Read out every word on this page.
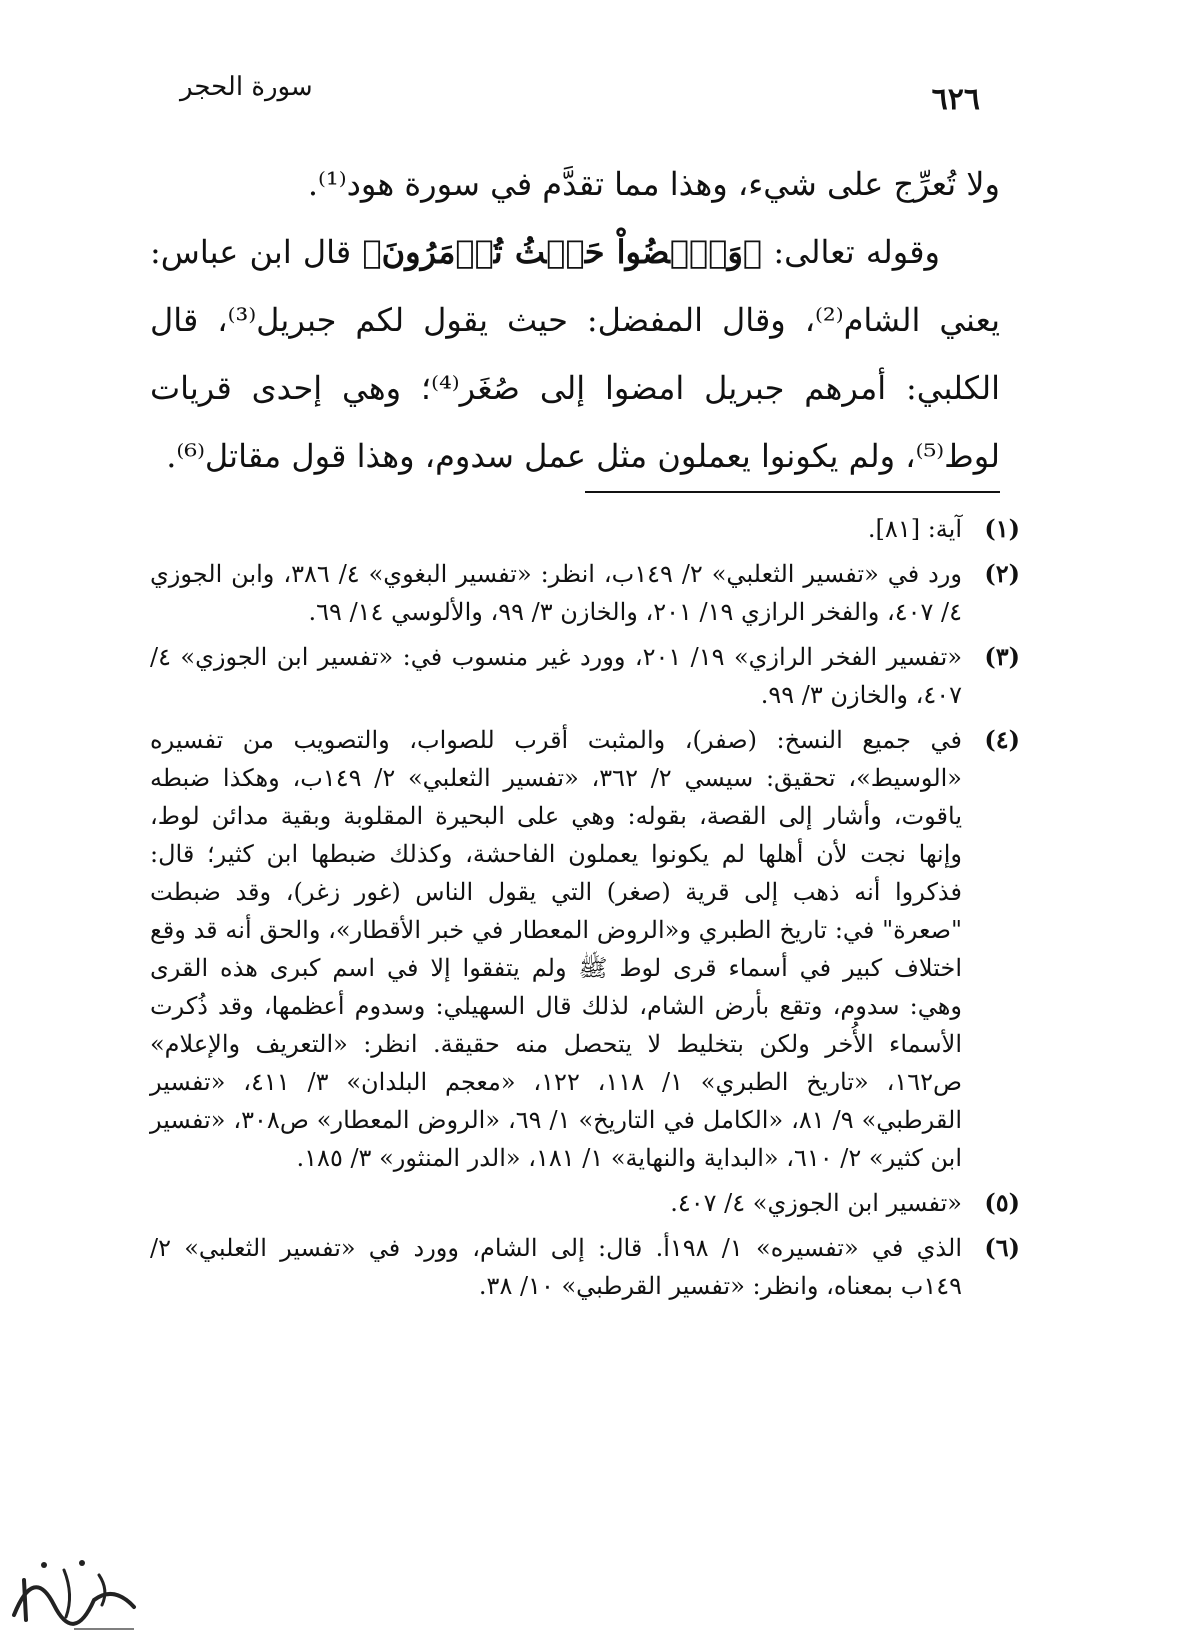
سورة الحجر	٦٢٦

ولا تُعرِّج على شيء، وهذا مما تقدَّم في سورة هود⁽¹⁾.

وقوله تعالى: ﴿وَٱمۡضُواْ حَيۡثُ تُؤۡمَرُونَ﴾ قال ابن عباس: يعني الشام⁽²⁾، وقال المفضل: حيث يقول لكم جبريل⁽³⁾، قال الكلبي: أمرهم جبريل امضوا إلى صُغَر⁽⁴⁾؛ وهي إحدى قريات لوط⁽⁵⁾، ولم يكونوا يعملون مثل عمل سدوم، وهذا قول مقاتل⁽⁶⁾.

(١)
آية: [٨١].
(٢)
ورد في «تفسير الثعلبي» ٢/ ١٤٩ب، انظر: «تفسير البغوي» ٤/ ٣٨٦، وابن الجوزي ٤/ ٤٠٧، والفخر الرازي ١٩/ ٢٠١، والخازن ٣/ ٩٩، والألوسي ١٤/ ٦٩.
(٣)
«تفسير الفخر الرازي» ١٩/ ٢٠١، وورد غير منسوب في: «تفسير ابن الجوزي» ٤/ ٤٠٧، والخازن ٣/ ٩٩.
(٤)
في جميع النسخ: (صفر)، والمثبت أقرب للصواب، والتصويب من تفسيره «الوسيط»، تحقيق: سيسي ٢/ ٣٦٢، «تفسير الثعلبي» ٢/ ١٤٩ب، وهكذا ضبطه ياقوت، وأشار إلى القصة، بقوله: وهي على البحيرة المقلوبة وبقية مدائن لوط، وإنها نجت لأن أهلها لم يكونوا يعملون الفاحشة، وكذلك ضبطها ابن كثير؛ قال: فذكروا أنه ذهب إلى قرية (صغر) التي يقول الناس (غور زغر)، وقد ضبطت "صعرة" في: تاريخ الطبري و«الروض المعطار في خبر الأقطار»، والحق أنه قد وقع اختلاف كبير في أسماء قرى لوط ﷺ ولم يتفقوا إلا في اسم كبرى هذه القرى وهي: سدوم، وتقع بأرض الشام، لذلك قال السهيلي: وسدوم أعظمها، وقد ذُكرت الأسماء الأُخر ولكن بتخليط لا يتحصل منه حقيقة. انظر: «التعريف والإعلام» ص١٦٢، «تاريخ الطبري» ١/ ١١٨، ١٢٢، «معجم البلدان» ٣/ ٤١١، «تفسير القرطبي» ٩/ ٨١، «الكامل في التاريخ» ١/ ٦٩، «الروض المعطار» ص٣٠٨، «تفسير ابن كثير» ٢/ ٦١٠، «البداية والنهاية» ١/ ١٨١، «الدر المنثور» ٣/ ١٨٥.
(٥)
«تفسير ابن الجوزي» ٤/ ٤٠٧.
(٦)
الذي في «تفسيره» ١/ ١٩٨أ. قال: إلى الشام، وورد في «تفسير الثعلبي» ٢/ ١٤٩ب بمعناه، وانظر: «تفسير القرطبي» ١٠/ ٣٨.
